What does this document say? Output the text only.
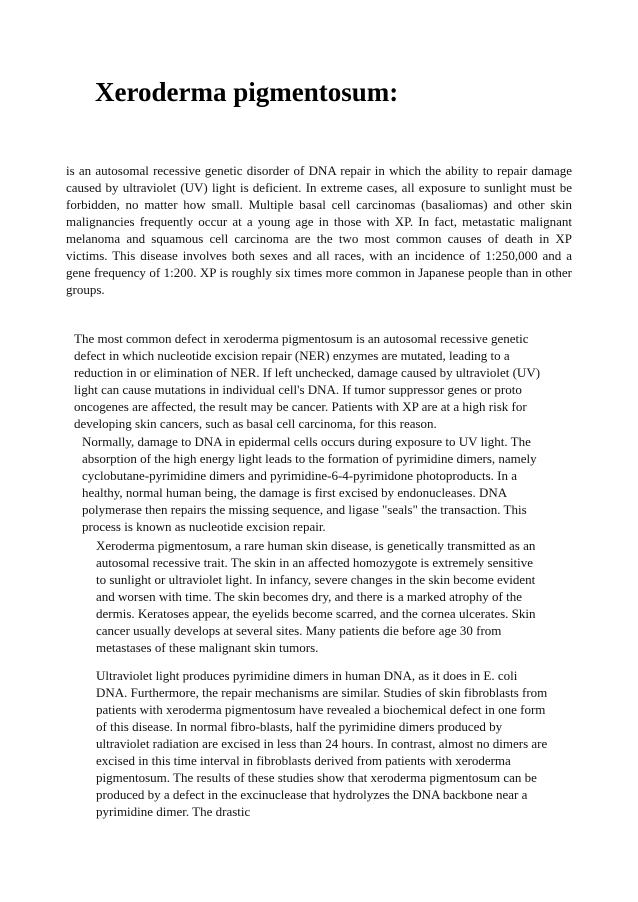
Xeroderma pigmentosum:

is an autosomal recessive genetic disorder of DNA repair in which the ability to repair damage caused by ultraviolet (UV) light is deficient. In extreme cases, all exposure to sunlight must be forbidden, no matter how small. Multiple basal cell carcinomas (basaliomas) and other skin malignancies frequently occur at a young age in those with XP. In fact, metastatic malignant melanoma and squamous cell carcinoma are the two most common causes of death in XP victims. This disease involves both sexes and all races, with an incidence of 1:250,000 and a gene frequency of 1:200. XP is roughly six times more common in Japanese people than in other groups.

The most common defect in xeroderma pigmentosum is an autosomal recessive genetic defect in which nucleotide excision repair (NER) enzymes are mutated, leading to a reduction in or elimination of NER. If left unchecked, damage caused by ultraviolet (UV) light can cause mutations in individual cell's DNA. If tumor suppressor genes or proto oncogenes are affected, the result may be cancer. Patients with XP are at a high risk for developing skin cancers, such as basal cell carcinoma, for this reason.

Normally, damage to DNA in epidermal cells occurs during exposure to UV light. The absorption of the high energy light leads to the formation of pyrimidine dimers, namely cyclobutane-pyrimidine dimers and pyrimidine-6-4-pyrimidone photoproducts. In a healthy, normal human being, the damage is first excised by endonucleases. DNA polymerase then repairs the missing sequence, and ligase "seals" the transaction. This process is known as nucleotide excision repair.

Xeroderma pigmentosum, a rare human skin disease, is genetically transmitted as an autosomal recessive trait. The skin in an affected homozygote is extremely sensitive to sunlight or ultraviolet light. In infancy, severe changes in the skin become evident and worsen with time. The skin becomes dry, and there is a marked atrophy of the dermis. Keratoses appear, the eyelids become scarred, and the cornea ulcerates. Skin cancer usually develops at several sites. Many patients die before age 30 from metastases of these malignant skin tumors.

Ultraviolet light produces pyrimidine dimers in human DNA, as it does in E. coli DNA. Furthermore, the repair mechanisms are similar. Studies of skin fibroblasts from patients with xeroderma pigmentosum have revealed a biochemical defect in one form of this disease. In normal fibro-blasts, half the pyrimidine dimers produced by ultraviolet radiation are excised in less than 24 hours. In contrast, almost no dimers are excised in this time interval in fibroblasts derived from patients with xeroderma pigmentosum. The results of these studies show that xeroderma pigmentosum can be produced by a defect in the excinuclease that hydrolyzes the DNA backbone near a pyrimidine dimer. The drastic
